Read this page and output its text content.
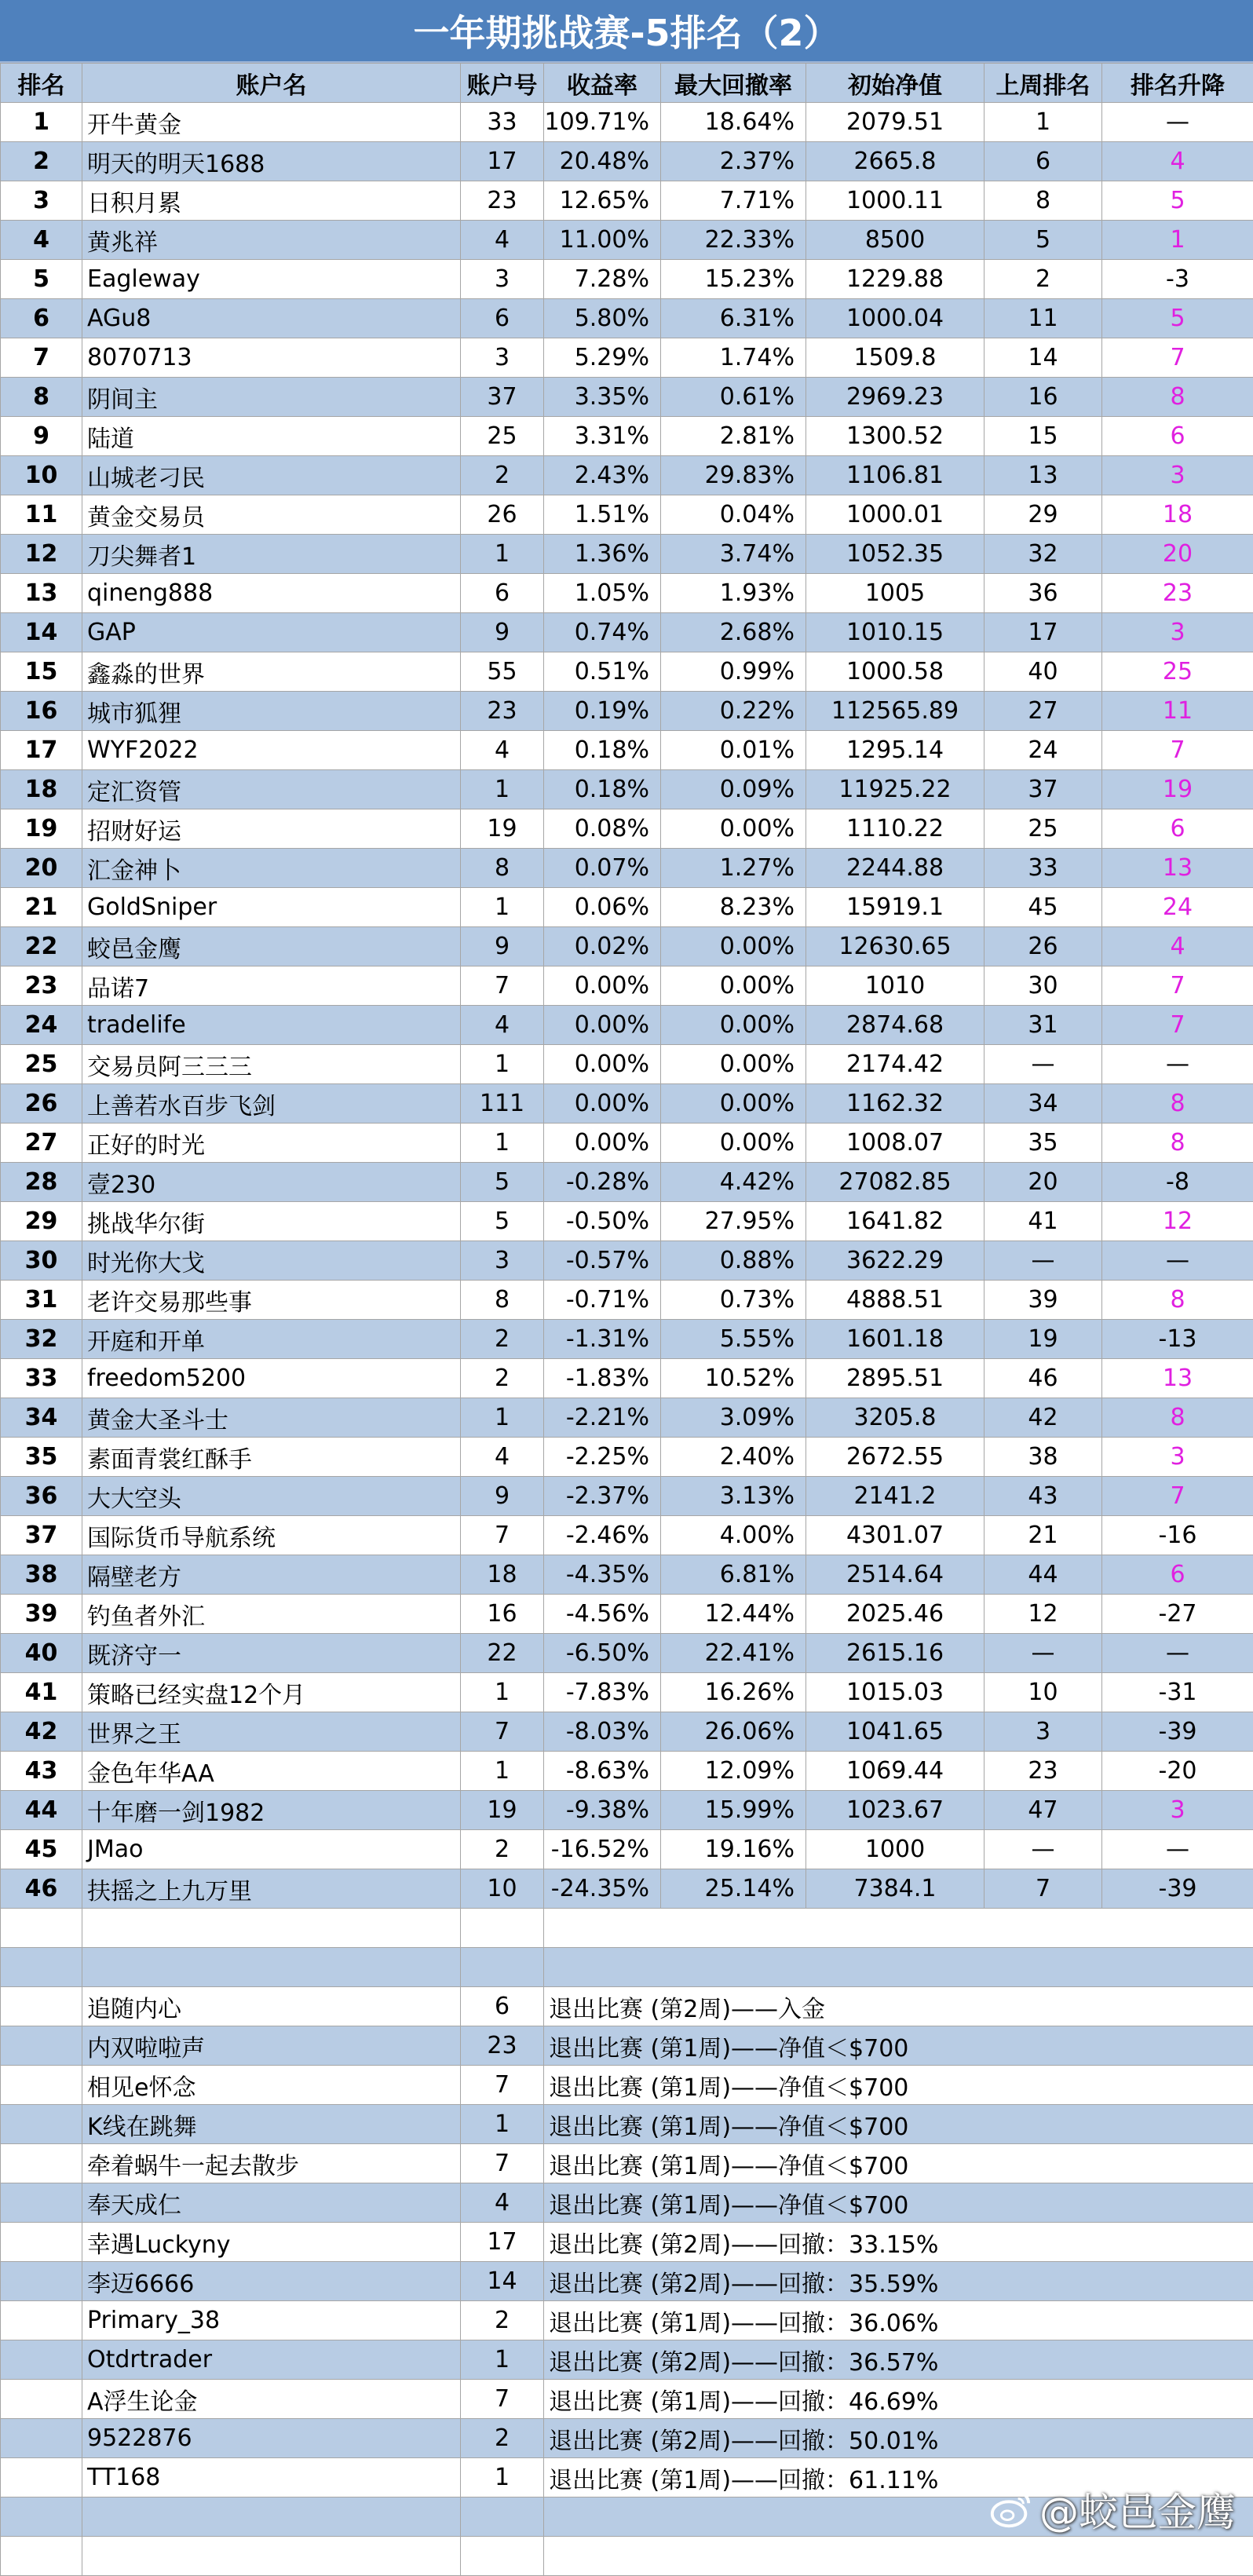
一年期挑战赛-5排名（2）
排名	账户名	账户号	收益率	最大回撤率	初始净值	上周排名	排名升降
1	开牛黄金	33	109.71%	18.64%	2079.51	1	—
2	明天的明天1688	17	20.48%	2.37%	2665.8	6	4
3	日积月累	23	12.65%	7.71%	1000.11	8	5
4	黄兆祥	4	11.00%	22.33%	8500	5	1
5	Eagleway	3	7.28%	15.23%	1229.88	2	-3
6	AGu8	6	5.80%	6.31%	1000.04	11	5
7	8070713	3	5.29%	1.74%	1509.8	14	7
8	阴间主	37	3.35%	0.61%	2969.23	16	8
9	陆道	25	3.31%	2.81%	1300.52	15	6
10	山城老刁民	2	2.43%	29.83%	1106.81	13	3
11	黄金交易员	26	1.51%	0.04%	1000.01	29	18
12	刀尖舞者1	1	1.36%	3.74%	1052.35	32	20
13	qineng888	6	1.05%	1.93%	1005	36	23
14	GAP	9	0.74%	2.68%	1010.15	17	3
15	鑫淼的世界	55	0.51%	0.99%	1000.58	40	25
16	城市狐狸	23	0.19%	0.22%	112565.89	27	11
17	WYF2022	4	0.18%	0.01%	1295.14	24	7
18	定汇资管	1	0.18%	0.09%	11925.22	37	19
19	招财好运	19	0.08%	0.00%	1110.22	25	6
20	汇金神卜	8	0.07%	1.27%	2244.88	33	13
21	GoldSniper	1	0.06%	8.23%	15919.1	45	24
22	蛟邑金鹰	9	0.02%	0.00%	12630.65	26	4
23	品诺7	7	0.00%	0.00%	1010	30	7
24	tradelife	4	0.00%	0.00%	2874.68	31	7
25	交易员阿三三三	1	0.00%	0.00%	2174.42	—	—
26	上善若水百步飞剑	111	0.00%	0.00%	1162.32	34	8
27	正好的时光	1	0.00%	0.00%	1008.07	35	8
28	壹230	5	-0.28%	4.42%	27082.85	20	-8
29	挑战华尔街	5	-0.50%	27.95%	1641.82	41	12
30	时光你大戈	3	-0.57%	0.88%	3622.29	—	—
31	老许交易那些事	8	-0.71%	0.73%	4888.51	39	8
32	开庭和开单	2	-1.31%	5.55%	1601.18	19	-13
33	freedom5200	2	-1.83%	10.52%	2895.51	46	13
34	黄金大圣斗士	1	-2.21%	3.09%	3205.8	42	8
35	素面青裳红酥手	4	-2.25%	2.40%	2672.55	38	3
36	大大空头	9	-2.37%	3.13%	2141.2	43	7
37	国际货币导航系统	7	-2.46%	4.00%	4301.07	21	-16
38	隔壁老方	18	-4.35%	6.81%	2514.64	44	6
39	钓鱼者外汇	16	-4.56%	12.44%	2025.46	12	-27
40	既济守一	22	-6.50%	22.41%	2615.16	—	—
41	策略已经实盘12个月	1	-7.83%	16.26%	1015.03	10	-31
42	世界之王	7	-8.03%	26.06%	1041.65	3	-39
43	金色年华AA	1	-8.63%	12.09%	1069.44	23	-20
44	十年磨一剑1982	19	-9.38%	15.99%	1023.67	47	3
45	JMao	2	-16.52%	19.16%	1000	—	—
46	扶摇之上九万里	10	-24.35%	25.14%	7384.1	7	-39

	追随内心	6	退出比赛 (第2周)——入金				
	内双啦啦声	23	退出比赛 (第1周)——净值＜$700				
	相见e怀念	7	退出比赛 (第1周)——净值＜$700				
	K线在跳舞	1	退出比赛 (第1周)——净值＜$700				
	牵着蜗牛一起去散步	7	退出比赛 (第1周)——净值＜$700				
	奉天成仁	4	退出比赛 (第1周)——净值＜$700				
	幸遇Luckyny	17	退出比赛 (第2周)——回撤：33.15%				
	李迈6666	14	退出比赛 (第2周)——回撤：35.59%				
	Primary_38	2	退出比赛 (第1周)——回撤：36.06%				
	Otdrtrader	1	退出比赛 (第2周)——回撤：36.57%				
	A浮生论金	7	退出比赛 (第1周)——回撤：46.69%				
	9522876	2	退出比赛 (第2周)——回撤：50.01%				
	TT168	1	退出比赛 (第1周)——回撤：61.11%				

@蛟邑金鹰
